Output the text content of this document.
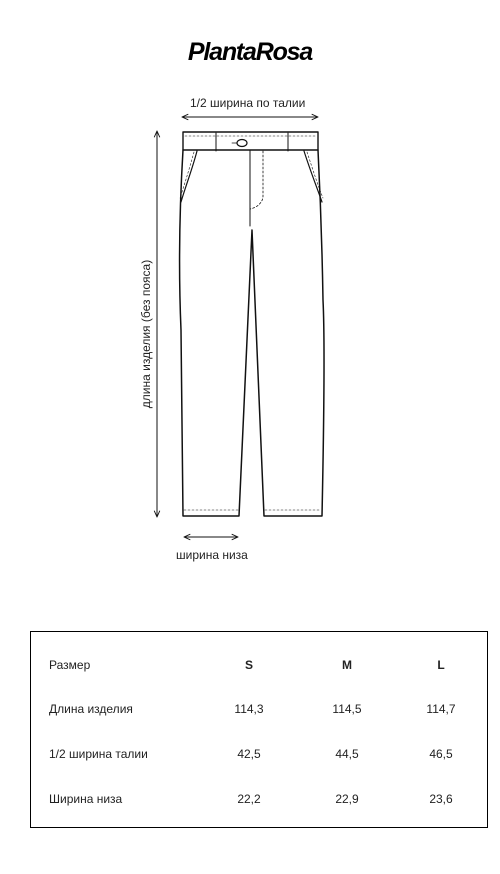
PlantaRosa
1/2 ширина по талии
длина изделия (без пояса)
ширина низа
Размер	S	M	L
Длина изделия	114,3	114,5	114,7
1/2 ширина талии	42,5	44,5	46,5
Ширина низа	22,2	22,9	23,6
